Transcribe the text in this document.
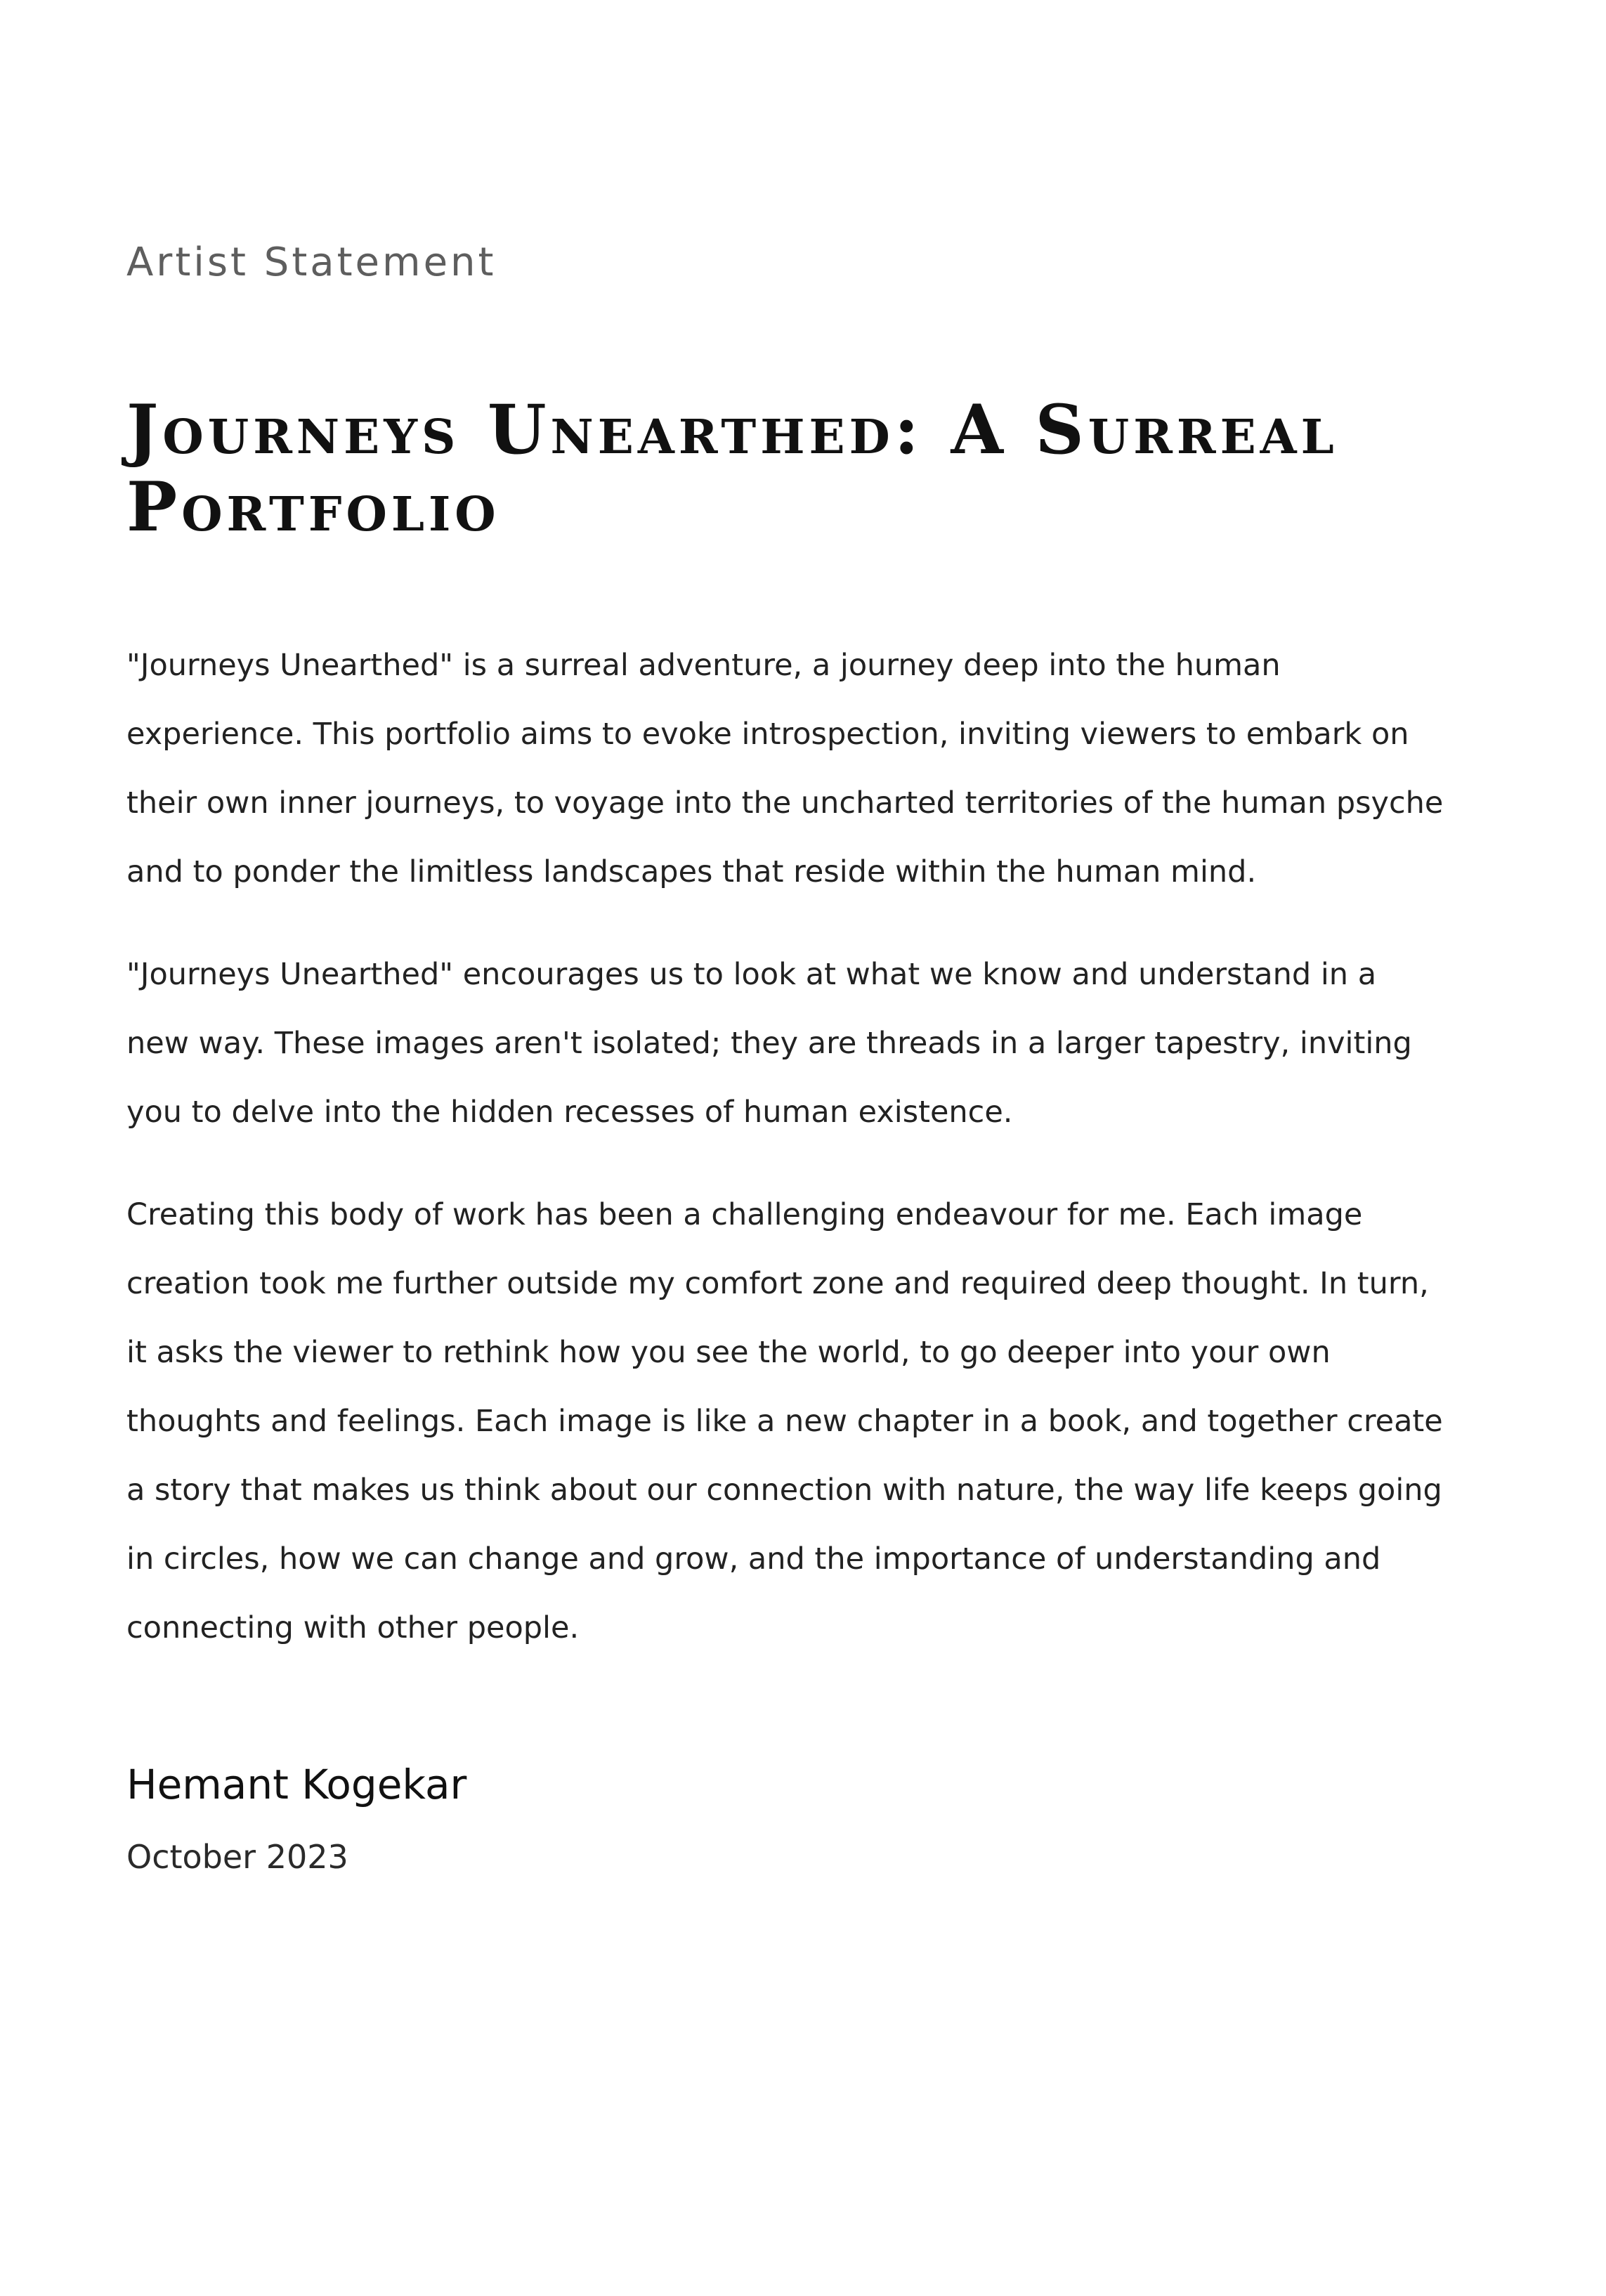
Artist Statement

Journeys Unearthed: A Surreal Portfolio

"Journeys Unearthed" is a surreal adventure, a journey deep into the human experience. This portfolio aims to evoke introspection, inviting viewers to embark on their own inner journeys, to voyage into the uncharted territories of the human psyche and to ponder the limitless landscapes that reside within the human mind.

"Journeys Unearthed" encourages us to look at what we know and understand in a new way. These images aren't isolated; they are threads in a larger tapestry, inviting you to delve into the hidden recesses of human existence.

Creating this body of work has been a challenging endeavour for me. Each image creation took me further outside my comfort zone and required deep thought. In turn, it asks the viewer to rethink how you see the world, to go deeper into your own thoughts and feelings. Each image is like a new chapter in a book, and together create a story that makes us think about our connection with nature, the way life keeps going in circles, how we can change and grow, and the importance of understanding and connecting with other people.

Hemant Kogekar

October 2023
